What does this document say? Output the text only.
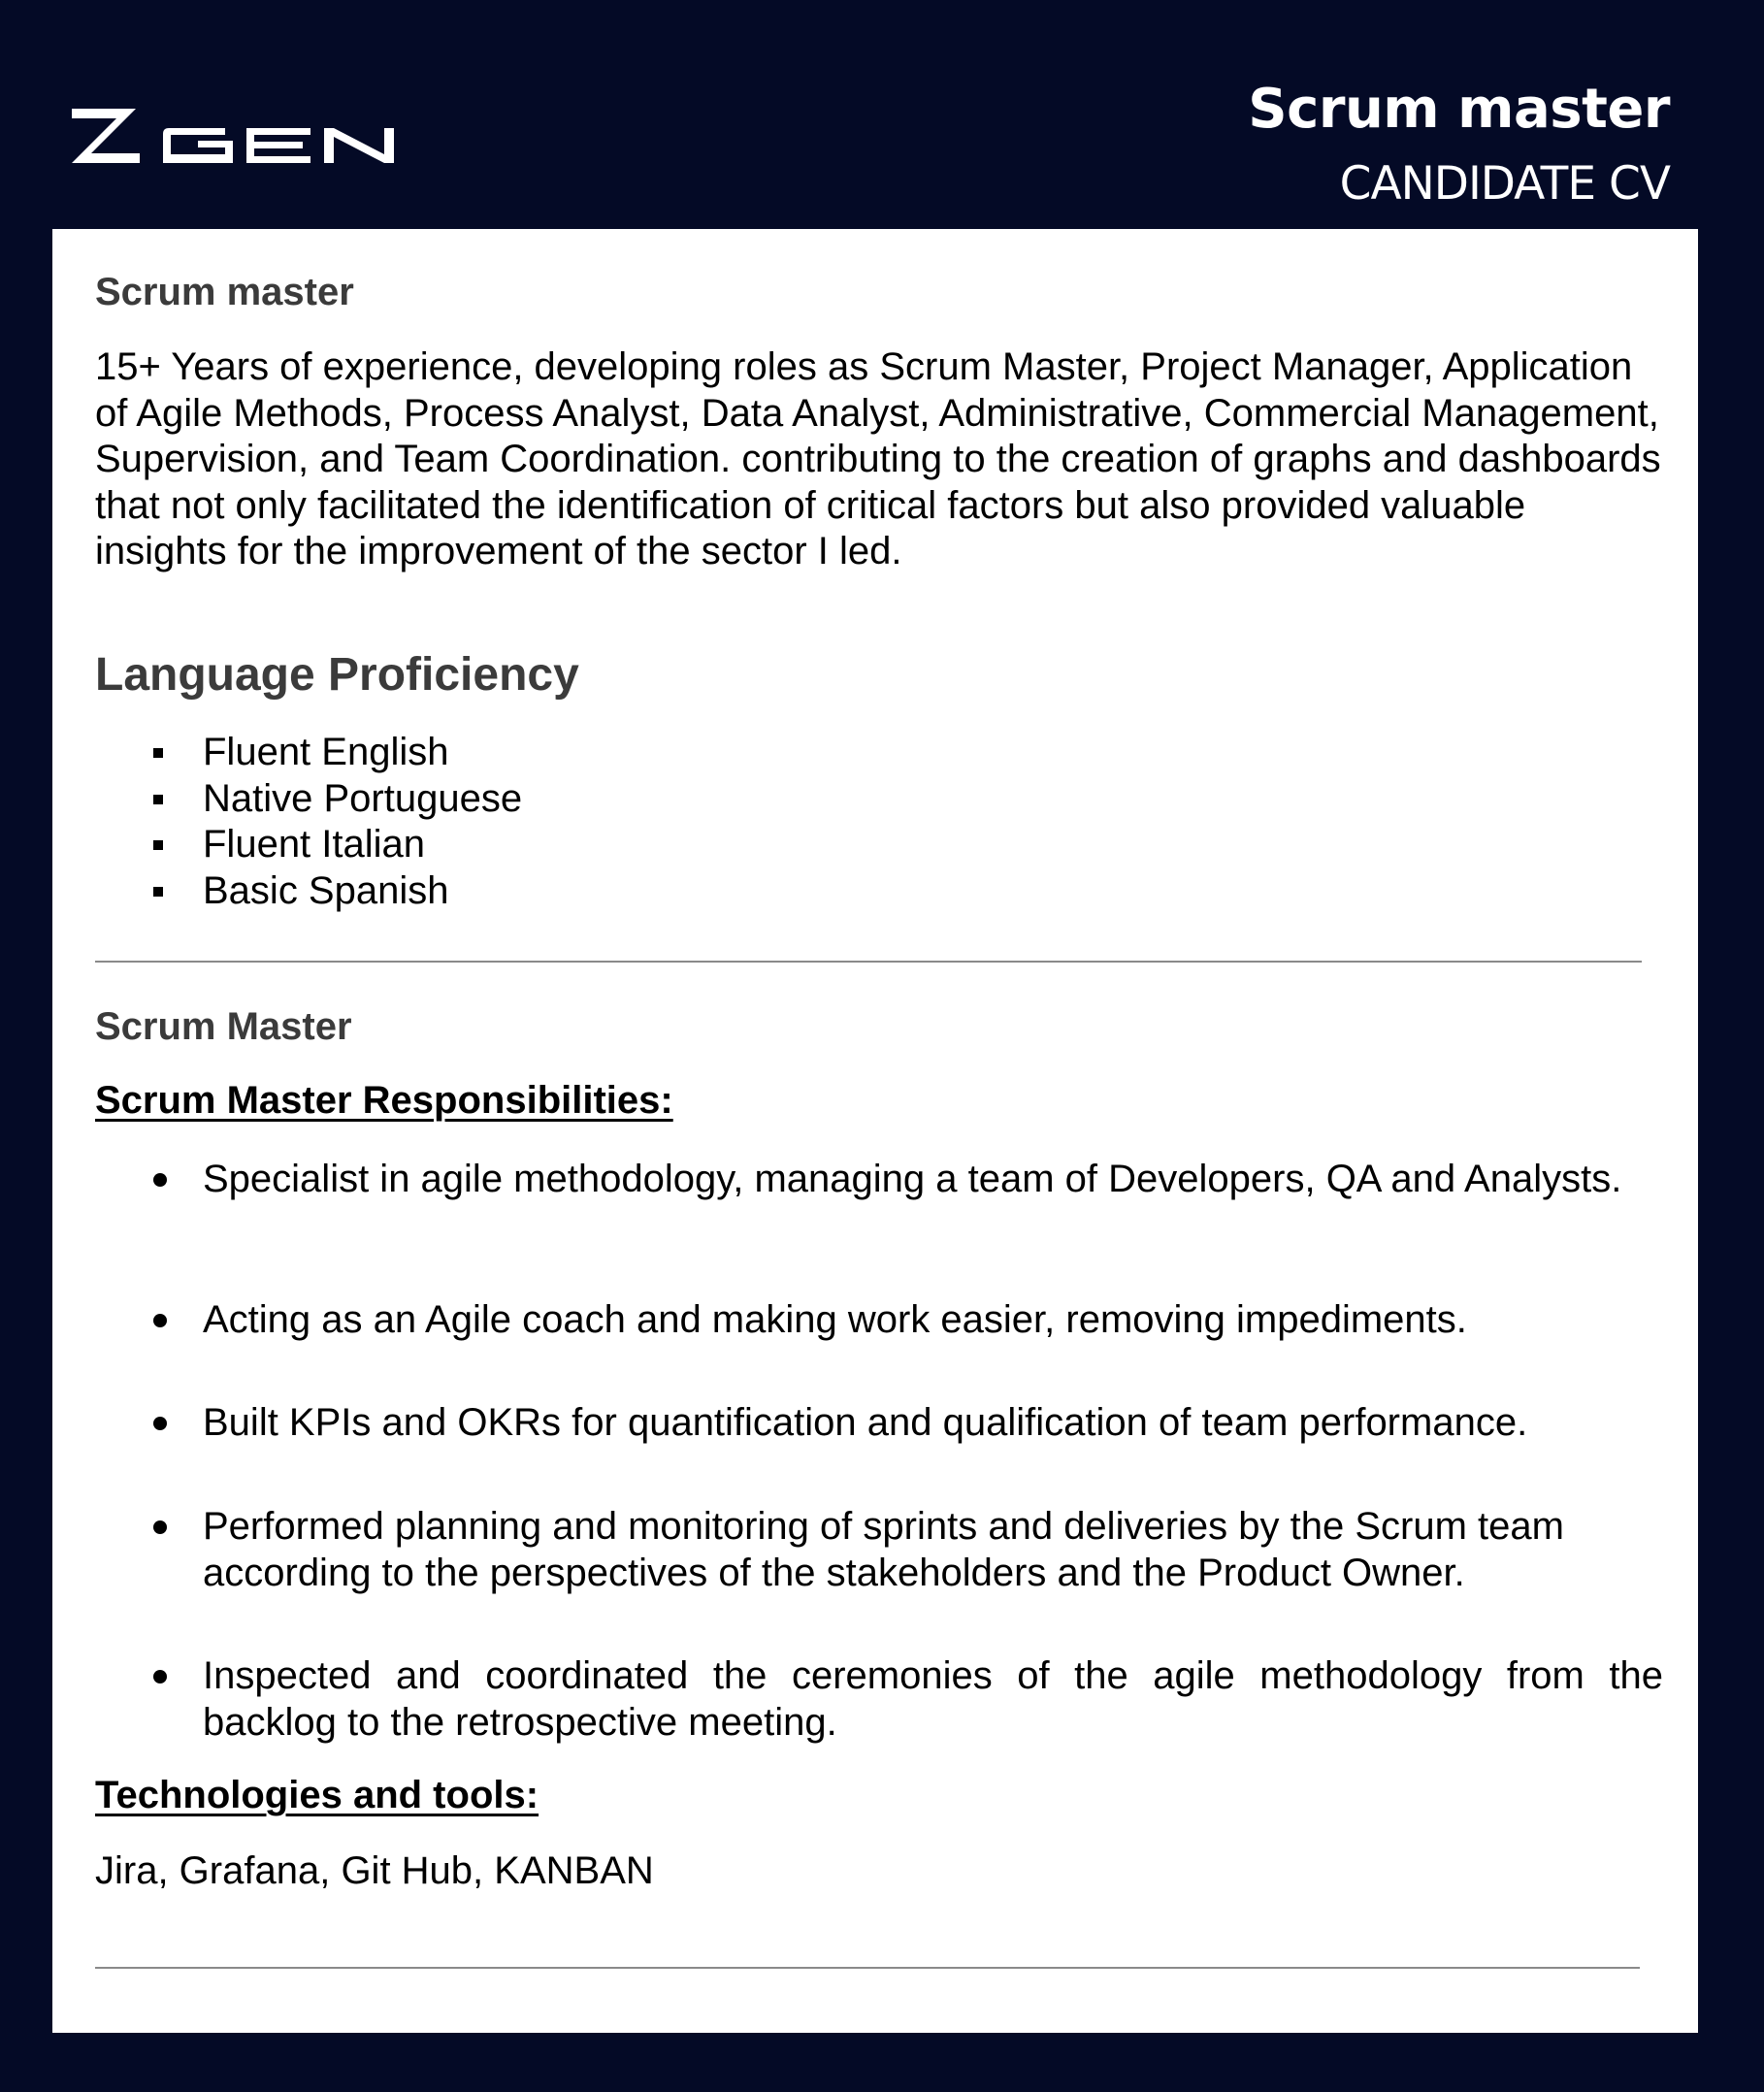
Scrum master
CANDIDATE CV
Scrum master
15+ Years of experience, developing roles as Scrum Master, Project Manager, Application of Agile Methods, Process Analyst, Data Analyst, Administrative, Commercial Management, Supervision, and Team Coordination. contributing to the creation of graphs and dashboards that not only facilitated the identification of critical factors but also provided valuable insights for the improvement of the sector I led.
Language Proficiency
Fluent English
Native Portuguese
Fluent Italian
Basic Spanish
Scrum Master
Scrum Master Responsibilities:
Specialist in agile methodology, managing a team of Developers, QA and Analysts.
Acting as an Agile coach and making work easier, removing impediments.
Built KPIs and OKRs for quantification and qualification of team performance.
Performed planning and monitoring of sprints and deliveries by the Scrum team according to the perspectives of the stakeholders and the Product Owner.
Inspected and coordinated the ceremonies of the agile methodology from the backlog to the retrospective meeting.
Technologies and tools:
Jira, Grafana, Git Hub, KANBAN
